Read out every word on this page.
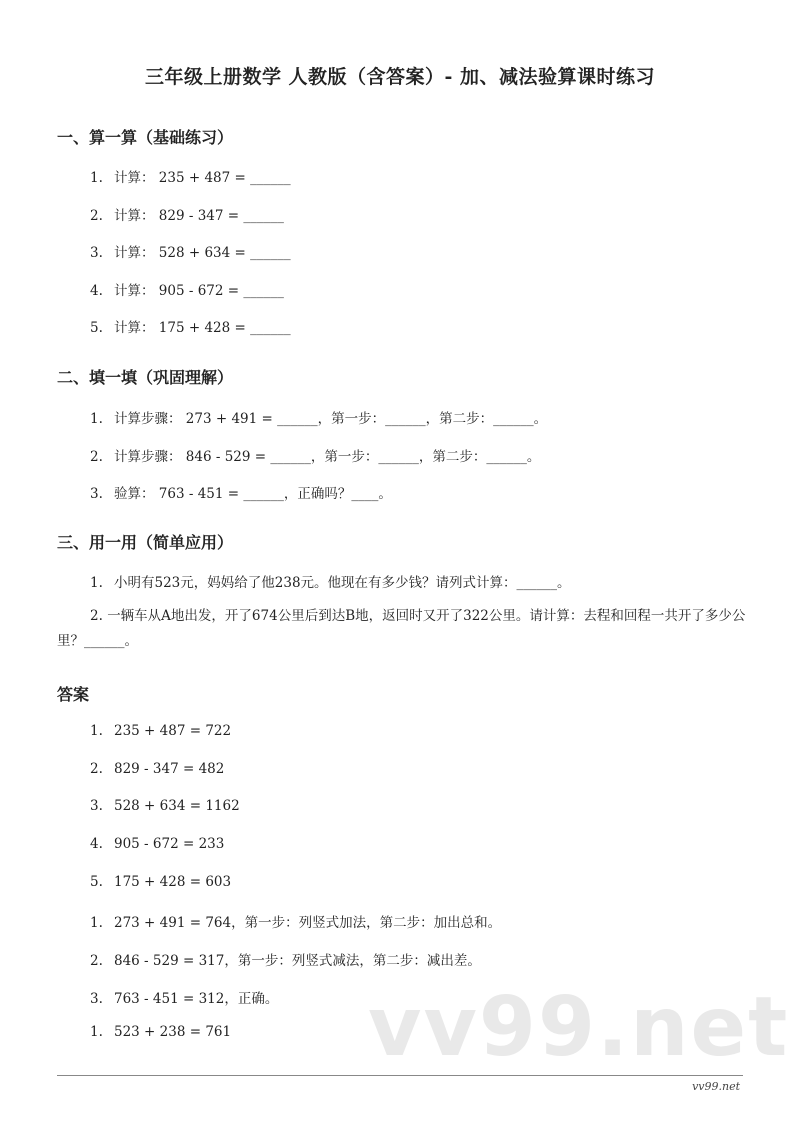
三年级上册数学 人教版（含答案）- 加、减法验算课时练习
一、算一算（基础练习）
1. 计算： 235 + 487 = ______
2. 计算： 829 - 347 = ______
3. 计算： 528 + 634 = ______
4. 计算： 905 - 672 = ______
5. 计算： 175 + 428 = ______
二、填一填（巩固理解）
1. 计算步骤： 273 + 491 = ______，第一步：______，第二步：______。
2. 计算步骤： 846 - 529 = ______，第一步：______，第二步：______。
3. 验算： 763 - 451 = ______，正确吗？____。
三、用一用（简单应用）
1. 小明有523元，妈妈给了他238元。他现在有多少钱？请列式计算：______。
2. 一辆车从A地出发，开了674公里后到达B地，返回时又开了322公里。请计算：去程和回程一共开了多少公里？______。
答案
1. 235 + 487 = 722
2. 829 - 347 = 482
3. 528 + 634 = 1162
4. 905 - 672 = 233
5. 175 + 428 = 603
1. 273 + 491 = 764，第一步：列竖式加法，第二步：加出总和。
2. 846 - 529 = 317，第一步：列竖式减法，第二步：减出差。
3. 763 - 451 = 312，正确。
1. 523 + 238 = 761 vv99.net
vv99.net
